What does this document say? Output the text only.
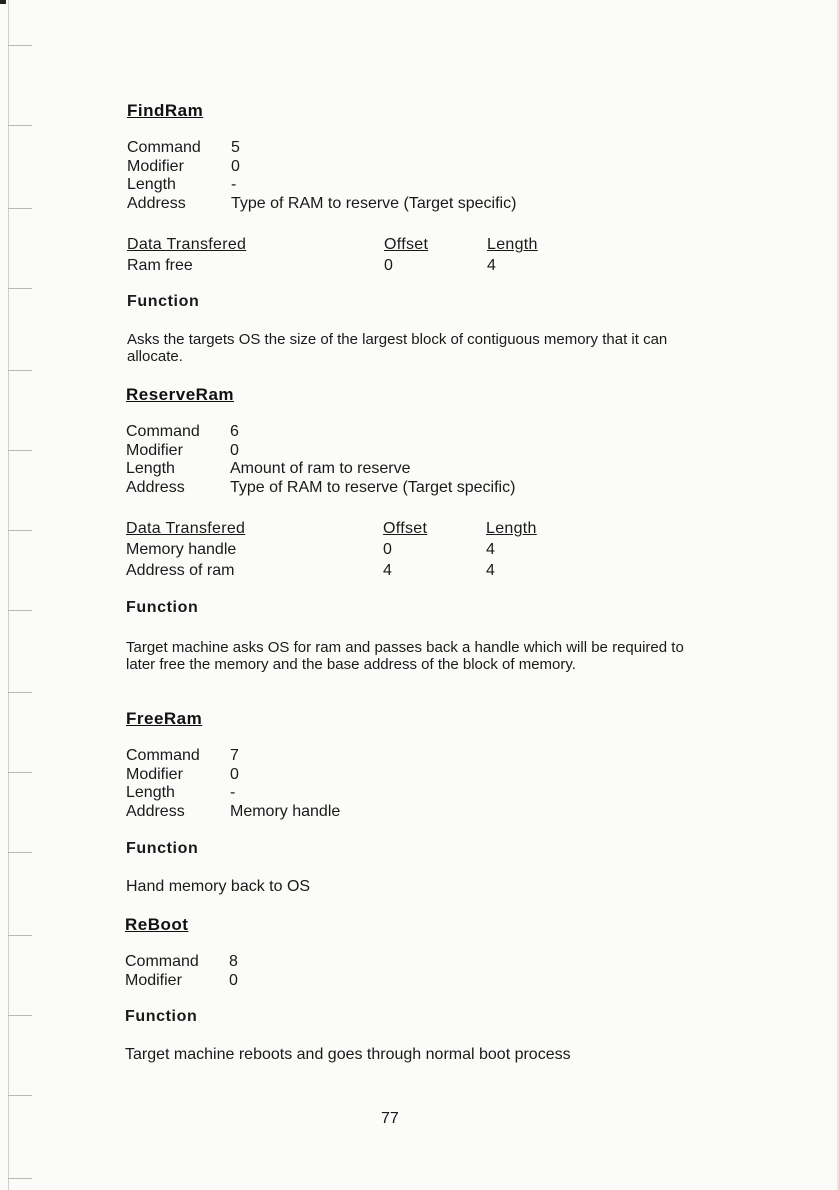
FindRam
Command	5
Modifier	0
Length	-
Address	Type of RAM to reserve (Target specific)
Data Transfered	Offset	Length
Ram free	0	4
Function
Asks the targets OS the size of the largest block of contiguous memory that it can allocate.
ReserveRam
Command	6
Modifier	0
Length	Amount of ram to reserve
Address	Type of RAM to reserve (Target specific)
Data Transfered	Offset	Length
Memory handle	0	4
Address of ram	4	4
Function
Target machine asks OS for ram and passes back a handle which will be required to later free the memory and the base address of the block of memory.
FreeRam
Command	7
Modifier	0
Length	-
Address	Memory handle
Function
Hand memory back to OS
ReBoot
Command	8
Modifier	0
Function
Target machine reboots and goes through normal boot process
77
